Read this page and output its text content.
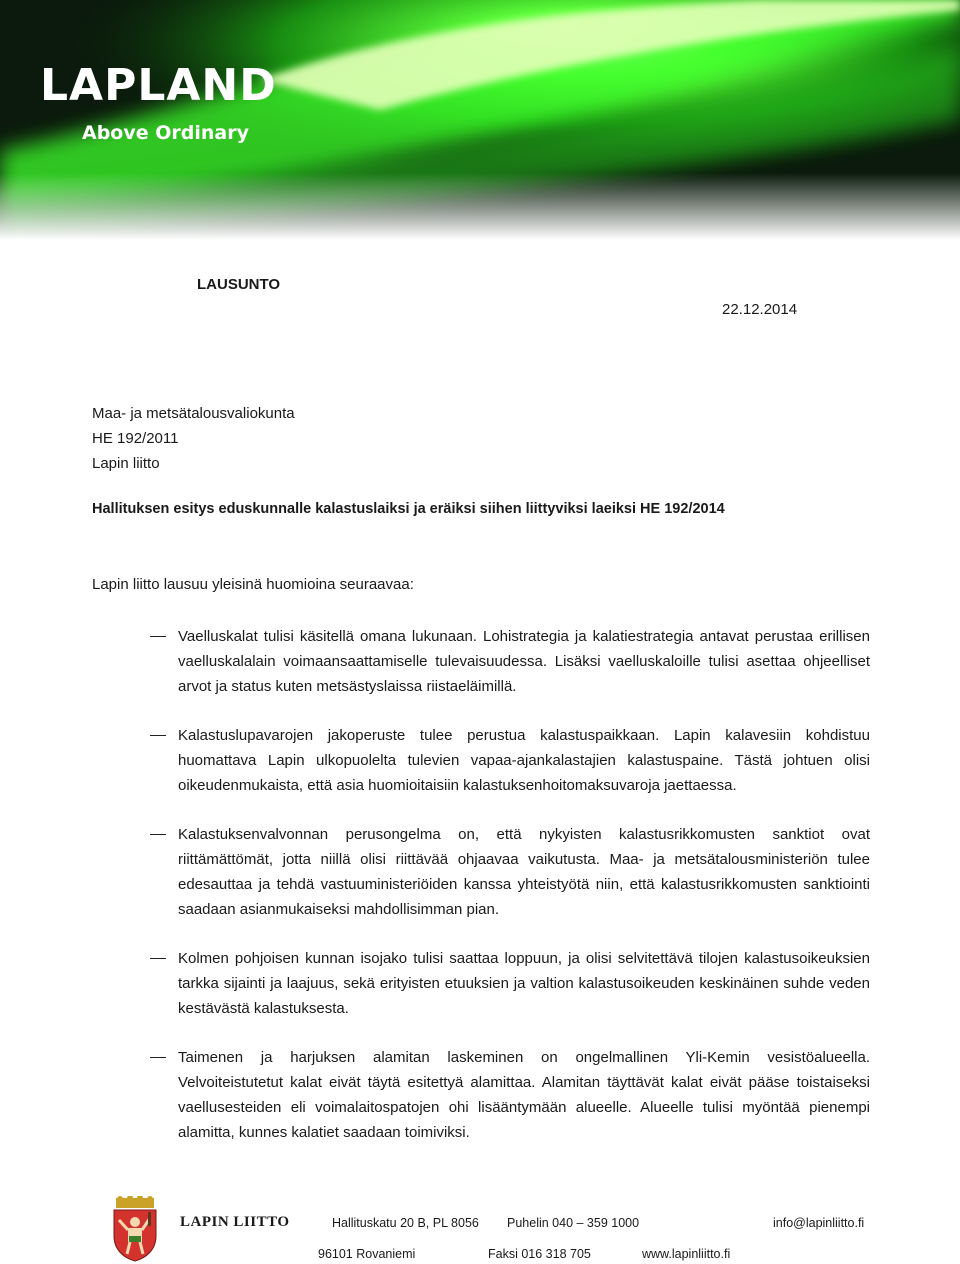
LAPLAND
Above Ordinary
LAUSUNTO
22.12.2014
Maa- ja metsätalousvaliokunta
HE 192/2011
Lapin liitto
Hallituksen esitys eduskunnalle kalastuslaiksi ja eräiksi siihen liittyviksi laeiksi HE 192/2014
Lapin liitto lausuu yleisinä huomioina seuraavaa:
Vaelluskalat tulisi käsitellä omana lukunaan. Lohistrategia ja kalatiestrategia antavat perustaa erillisen vaelluskalalain voimaansaattamiselle tulevaisuudessa. Lisäksi vaelluskaloille tulisi asettaa ohjeelliset arvot ja status kuten metsästyslaissa riistaeläimillä.
Kalastuslupavarojen jakoperuste tulee perustua kalastuspaikkaan. Lapin kalavesiin kohdistuu huomattava Lapin ulkopuolelta tulevien vapaa-ajankalastajien kalastuspaine. Tästä johtuen olisi oikeudenmukaista, että asia huomioitaisiin kalastuksenhoitomaksuvaroja jaettaessa.
Kalastuksenvalvonnan perusongelma on, että nykyisten kalastusrikkomusten sanktiot ovat riittämättömät, jotta niillä olisi riittävää ohjaavaa vaikutusta. Maa- ja metsätalousministeriön tulee edesauttaa ja tehdä vastuuministeriöiden kanssa yhteistyötä niin, että kalastusrikkomusten sanktiointi saadaan asianmukaiseksi mahdollisimman pian.
Kolmen pohjoisen kunnan isojako tulisi saattaa loppuun, ja olisi selvitettävä tilojen kalastusoikeuksien tarkka sijainti ja laajuus, sekä erityisten etuuksien ja valtion kalastusoikeuden keskinäinen suhde veden kestävästä kalastuksesta.
Taimenen ja harjuksen alamitan laskeminen on ongelmallinen Yli-Kemin vesistöalueella. Velvoiteistutetut kalat eivät täytä esitettyä alamittaa. Alamitan täyttävät kalat eivät pääse toistaiseksi vaellusesteiden eli voimalaitospatojen ohi lisääntymään alueelle. Alueelle tulisi myöntää pienempi alamitta, kunnes kalatiet saadaan toimiviksi.
LAPIN LIITTO	Hallituskatu 20 B, PL 8056 Puhelin 040 – 359 1000	info@lapinliitto.fi
96101 Rovaniemi	Faksi 016 318 705	www.lapinliitto.fi
